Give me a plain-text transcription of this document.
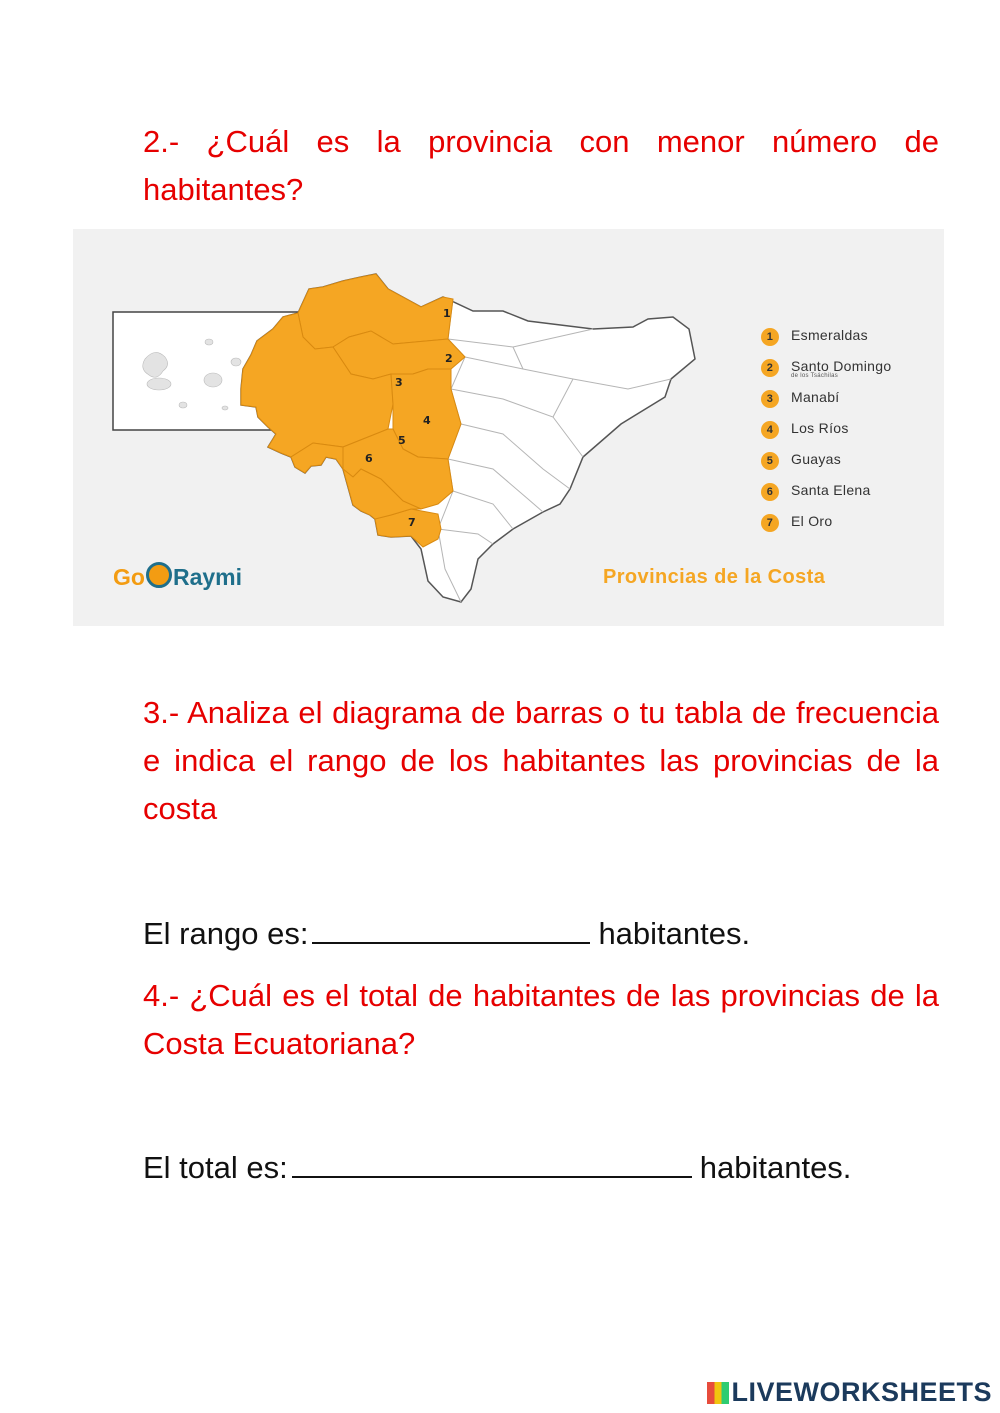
2.- ¿Cuál es la provincia con menor número de habitantes?
1
2
3
4
5
6
7
Go Raymi
1	Esmeraldas
2	Santo Domingo
de los Tsáchilas
3	Manabí
4	Los Ríos
5	Guayas
6	Santa Elena
7	El Oro
Provincias de la Costa
3.- Analiza el diagrama de barras o tu tabla de frecuencia e indica el rango de los habitantes las provincias de la costa
El rango es:	habitantes.
4.- ¿Cuál es el total de habitantes de las provincias de la Costa Ecuatoriana?
El total es:	habitantes.
LIVEWORKSHEETS
